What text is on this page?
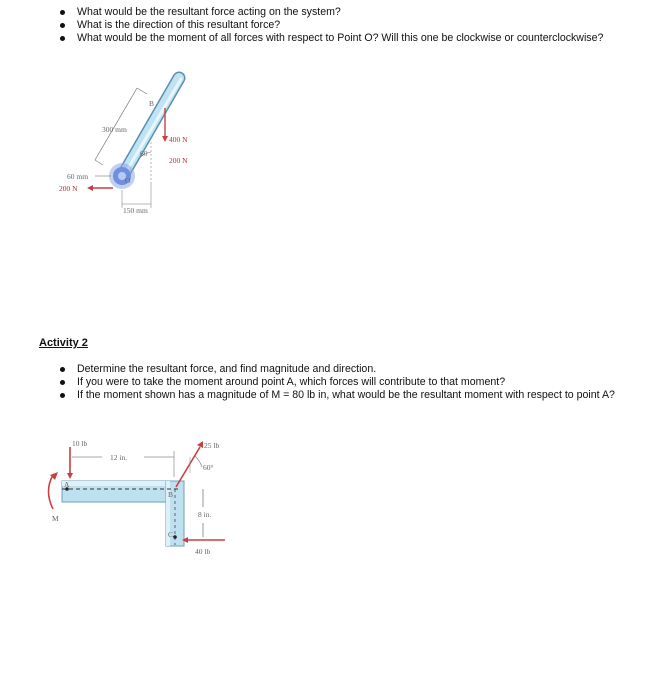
What would be the resultant force acting on the system?
What is the direction of this resultant force?
What would be the moment of all forces with respect to Point O? Will this one be clockwise or counterclockwise?
O
B
300 mm
400 N
200 N
60
60 mm
200 N
150 mm
Activity 2
Determine the resultant force, and find magnitude and direction.
If you were to take the moment around point A, which forces will contribute to that moment?
If the moment shown has a magnitude of M = 80 lb in, what would be the resultant moment with respect to point A?
A
B
C
10 lb
12 in.
25 lb
60°
8 in.
40 lb
M
